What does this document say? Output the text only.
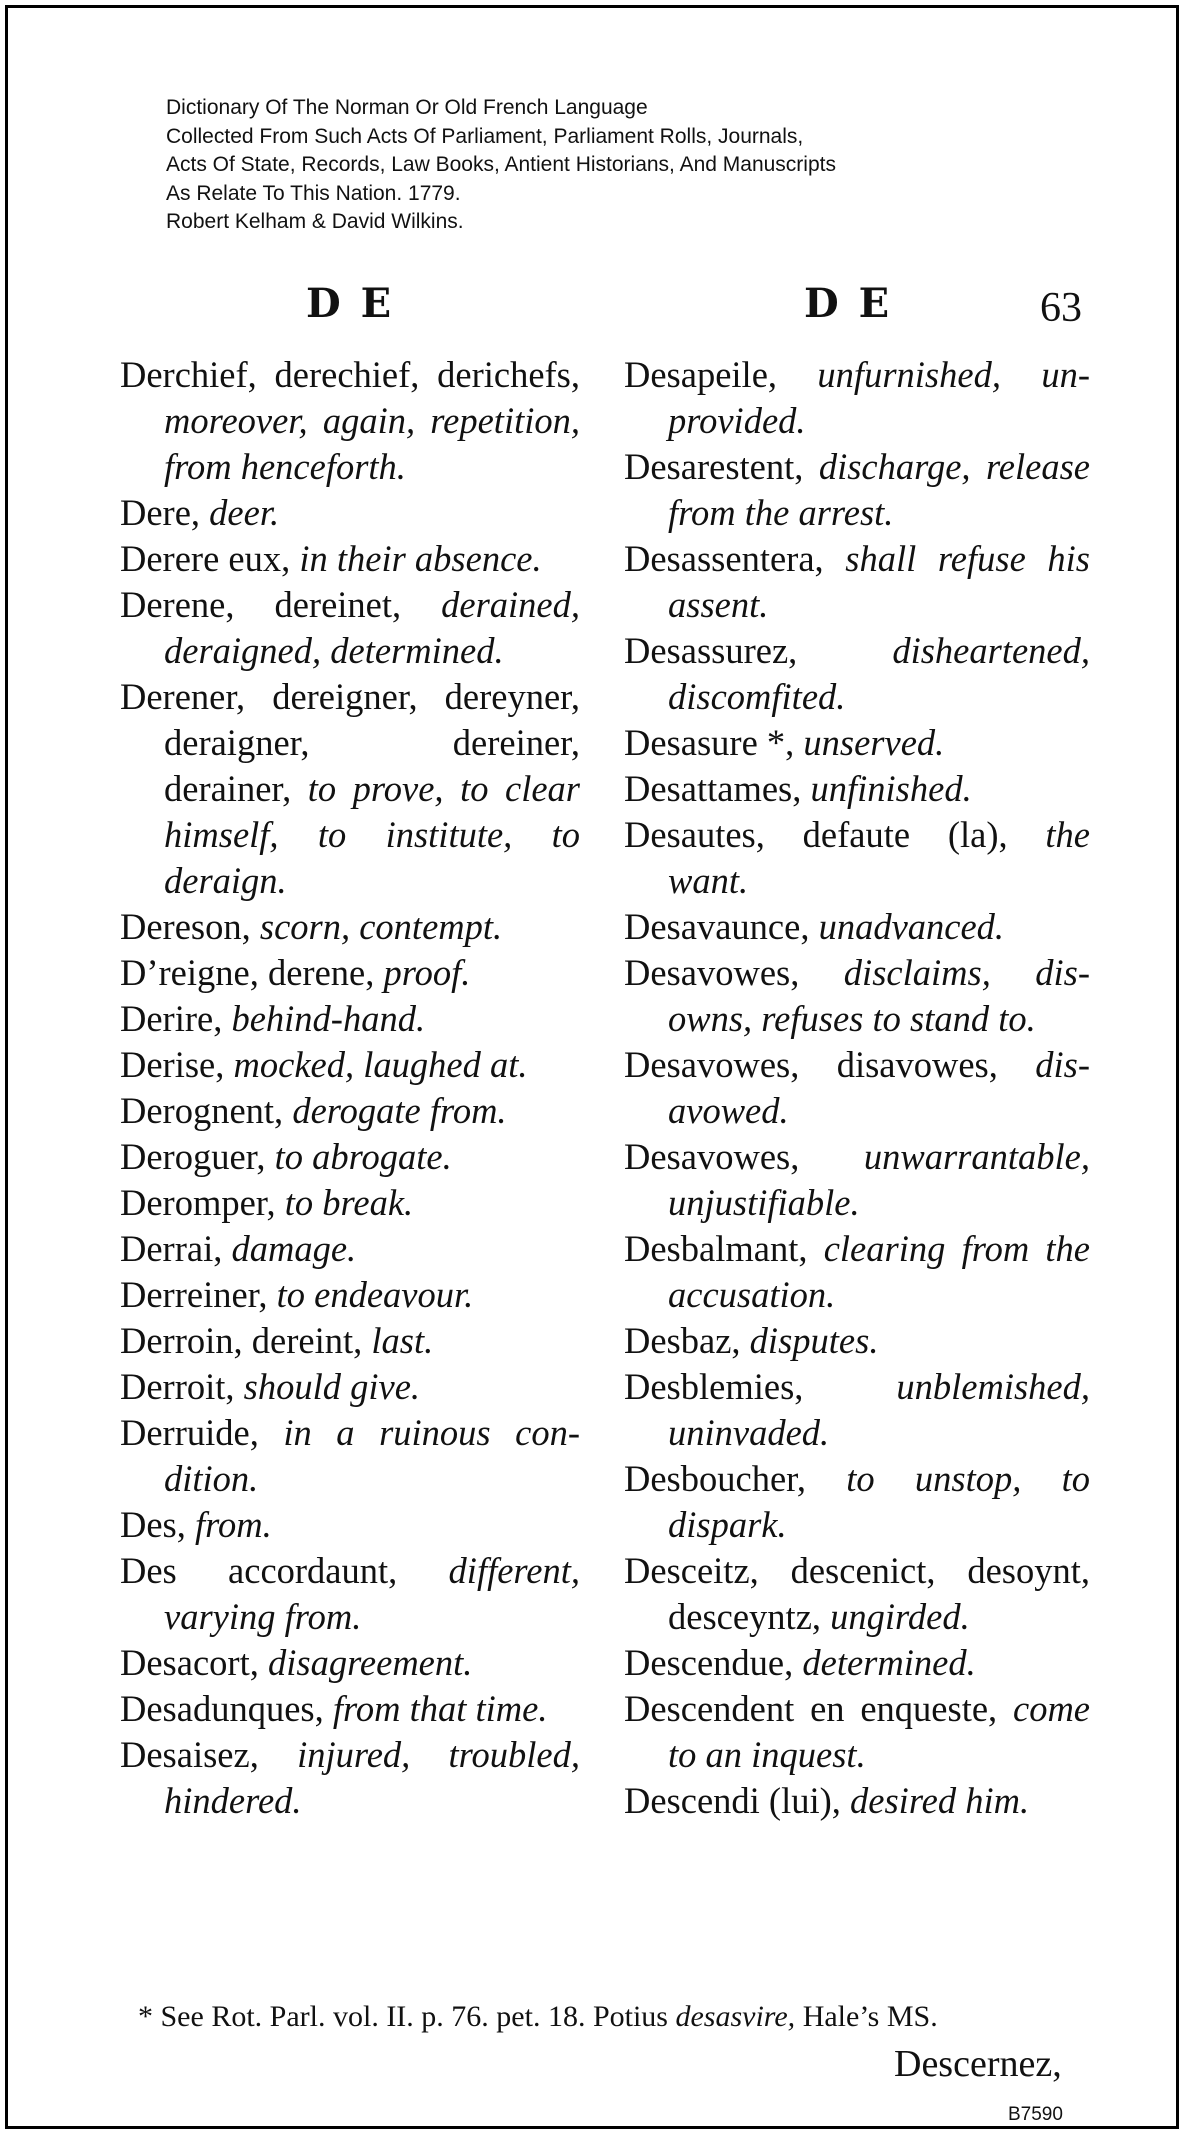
Dictionary Of The Norman Or Old French Language
Collected From Such Acts Of Parliament, Parliament Rolls, Journals,
Acts Of State, Records, Law Books, Antient Historians, And Manuscripts
As Relate To This Nation. 1779.
Robert Kelham & David Wilkins.
D E	D E	63

Derchief, derechief, derichefs, moreover, again, repetition, from henceforth.

Dere, deer.

Derere eux, in their absence.

Derene, dereinet, derained, deraigned, determined.

Derener, dereigner, dereyner, deraigner, dereiner, derainer, to prove, to clear himself, to institute, to deraign.

Dereson, scorn, contempt.

D’reigne, derene, proof.

Derire, behind-hand.

Derise, mocked, laughed at.

Derognent, derogate from.

Deroguer, to abrogate.

Deromper, to break.

Derrai, damage.

Derreiner, to endeavour.

Derroin, dereint, last.

Derroit, should give.

Derruide, in a ruinous condition.

Des, from.

Des accordaunt, different, varying from.

Desacort, disagreement.

Desadunques, from that time.

Desaisez, injured, troubled, hindered.

Desapeile, unfurnished, unprovided.

Desarestent, discharge, release from the arrest.

Desassentera, shall refuse his assent.

Desassurez,	disheartened, discomfited.

Desasure *, unserved.

Desattames, unfinished.

Desautes, defaute (la), the want.

Desavaunce, unadvanced.

Desavowes, disclaims, disowns, refuses to stand to.

Desavowes, disavowes, disavowed.

Desavowes, unwarrantable, unjustifiable.

Desbalmant, clearing from the accusation.

Desbaz, disputes.

Desblemies,	unblemished, uninvaded.

Desboucher, to unstop, to dispark.

Desceitz, descenict, desoynt, desceyntz, ungirded.

Descendue, determined.

Descendent en enqueste, come to an inquest.

Descendi (lui), desired him.

* See Rot. Parl. vol. II. p. 76. pet. 18. Potius desasvire, Hale’s MS.
Descernez,
B7590
